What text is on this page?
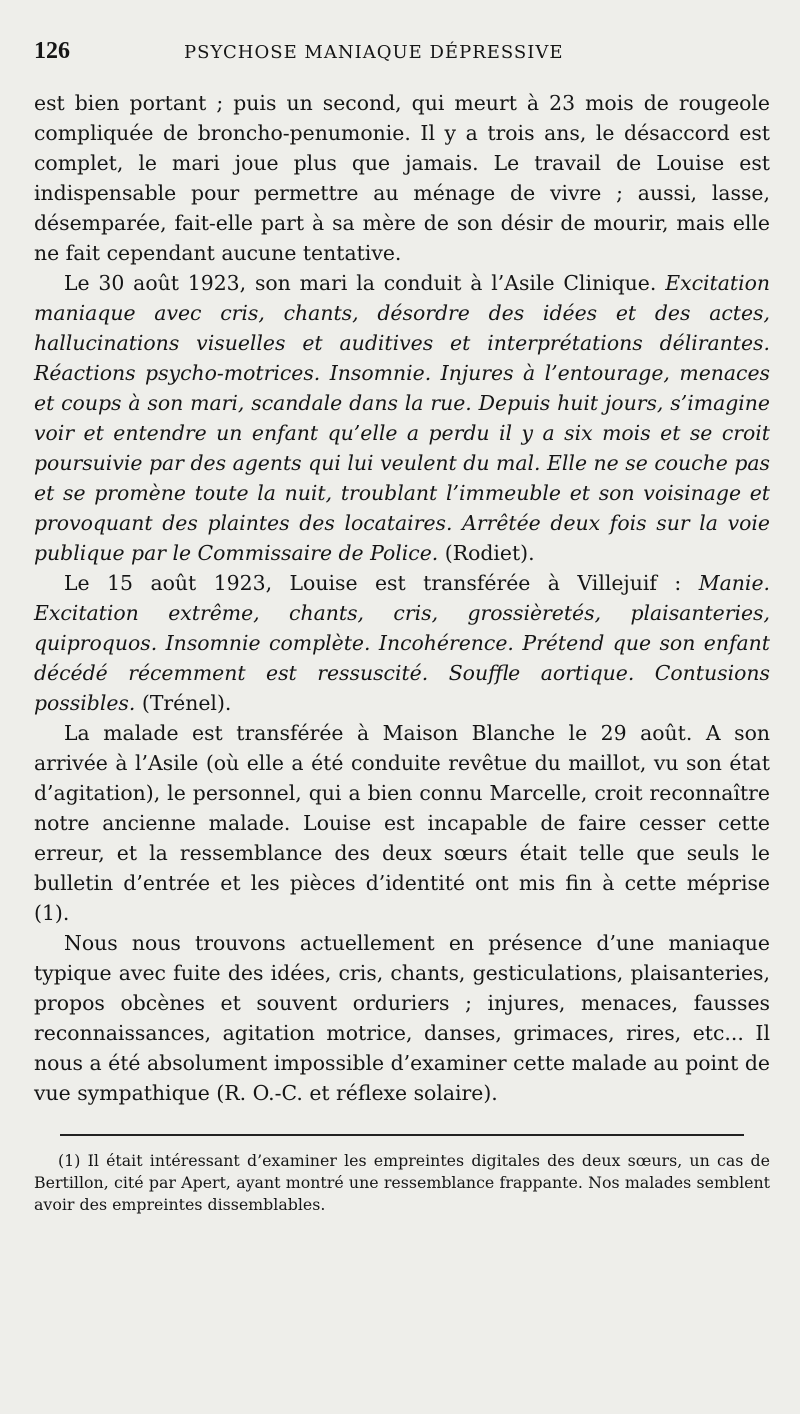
126	PSYCHOSE MANIAQUE DÉPRESSIVE

est bien portant ; puis un second, qui meurt à 23 mois de rougeole compliquée de broncho-penumonie. Il y a trois ans, le désaccord est complet, le mari joue plus que jamais. Le travail de Louise est indispensable pour permettre au ménage de vivre ; aussi, lasse, désemparée, fait-elle part à sa mère de son désir de mourir, mais elle ne fait cependant aucune tentative.

Le 30 août 1923, son mari la conduit à l’Asile Clinique. Excitation maniaque avec cris, chants, désordre des idées et des actes, hallucinations visuelles et auditives et interprétations délirantes. Réactions psycho-motrices. Insomnie. Injures à l’entourage, menaces et coups à son mari, scandale dans la rue. Depuis huit jours, s’imagine voir et entendre un enfant qu’elle a perdu il y a six mois et se croit poursuivie par des agents qui lui veulent du mal. Elle ne se couche pas et se promène toute la nuit, troublant l’immeuble et son voisinage et provoquant des plaintes des locataires. Arrêtée deux fois sur la voie publique par le Commissaire de Police. (Rodiet).

Le 15 août 1923, Louise est transférée à Villejuif : Manie. Excitation extrême, chants, cris, grossièretés, plaisanteries, quiproquos. Insomnie complète. Incohérence. Prétend que son enfant décédé récemment est ressuscité. Souffle aortique. Contusions possibles. (Trénel).

La malade est transférée à Maison Blanche le 29 août. A son arrivée à l’Asile (où elle a été conduite revêtue du maillot, vu son état d’agitation), le personnel, qui a bien connu Marcelle, croit reconnaître notre ancienne malade. Louise est incapable de faire cesser cette erreur, et la ressemblance des deux sœurs était telle que seuls le bulletin d’entrée et les pièces d’identité ont mis fin à cette méprise (1).

Nous nous trouvons actuellement en présence d’une maniaque typique avec fuite des idées, cris, chants, gesticulations, plaisanteries, propos obcènes et souvent orduriers ; injures, menaces, fausses reconnaissances, agitation motrice, danses, grimaces, rires, etc... Il nous a été absolument impossible d’examiner cette malade au point de vue sympathique (R. O.-C. et réflexe solaire).

(1) Il était intéressant d’examiner les empreintes digitales des deux sœurs, un cas de Bertillon, cité par Apert, ayant montré une ressemblance frappante. Nos malades semblent avoir des empreintes dissemblables.
